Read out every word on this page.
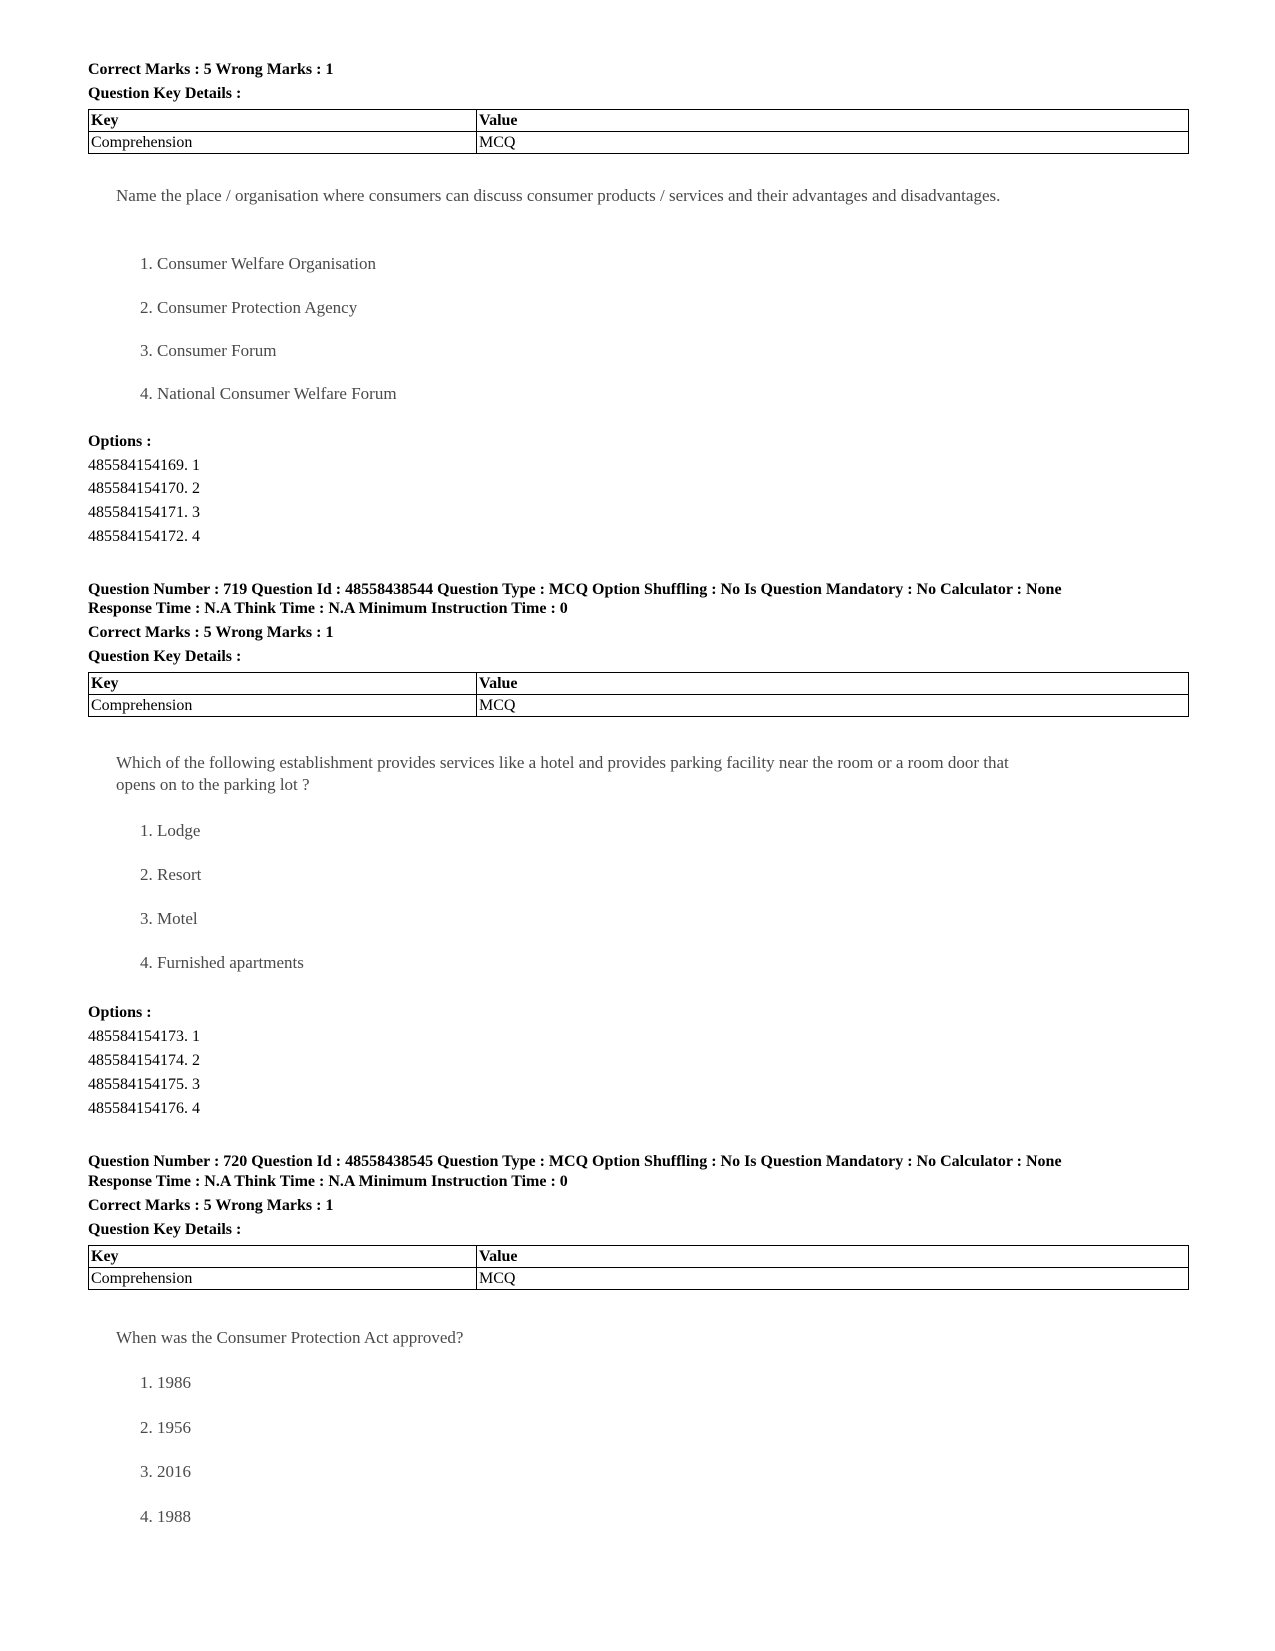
Correct Marks : 5 Wrong Marks : 1
Question Key Details :
Key	Value
Comprehension	MCQ
Name the place / organisation where consumers can discuss consumer products / services and their advantages and disadvantages.
1. Consumer Welfare Organisation
2. Consumer Protection Agency
3. Consumer Forum
4. National Consumer Welfare Forum
Options :
485584154169. 1
485584154170. 2
485584154171. 3
485584154172. 4
Question Number : 719 Question Id : 48558438544 Question Type : MCQ Option Shuffling : No Is Question Mandatory : No Calculator : None
Response Time : N.A Think Time : N.A Minimum Instruction Time : 0
Correct Marks : 5 Wrong Marks : 1
Question Key Details :
Key	Value
Comprehension	MCQ
Which of the following establishment provides services like a hotel and provides parking facility near the room or a room door that opens on to the parking lot ?
1. Lodge
2. Resort
3. Motel
4. Furnished apartments
Options :
485584154173. 1
485584154174. 2
485584154175. 3
485584154176. 4
Question Number : 720 Question Id : 48558438545 Question Type : MCQ Option Shuffling : No Is Question Mandatory : No Calculator : None
Response Time : N.A Think Time : N.A Minimum Instruction Time : 0
Correct Marks : 5 Wrong Marks : 1
Question Key Details :
Key	Value
Comprehension	MCQ
When was the Consumer Protection Act approved?
1. 1986
2. 1956
3. 2016
4. 1988
